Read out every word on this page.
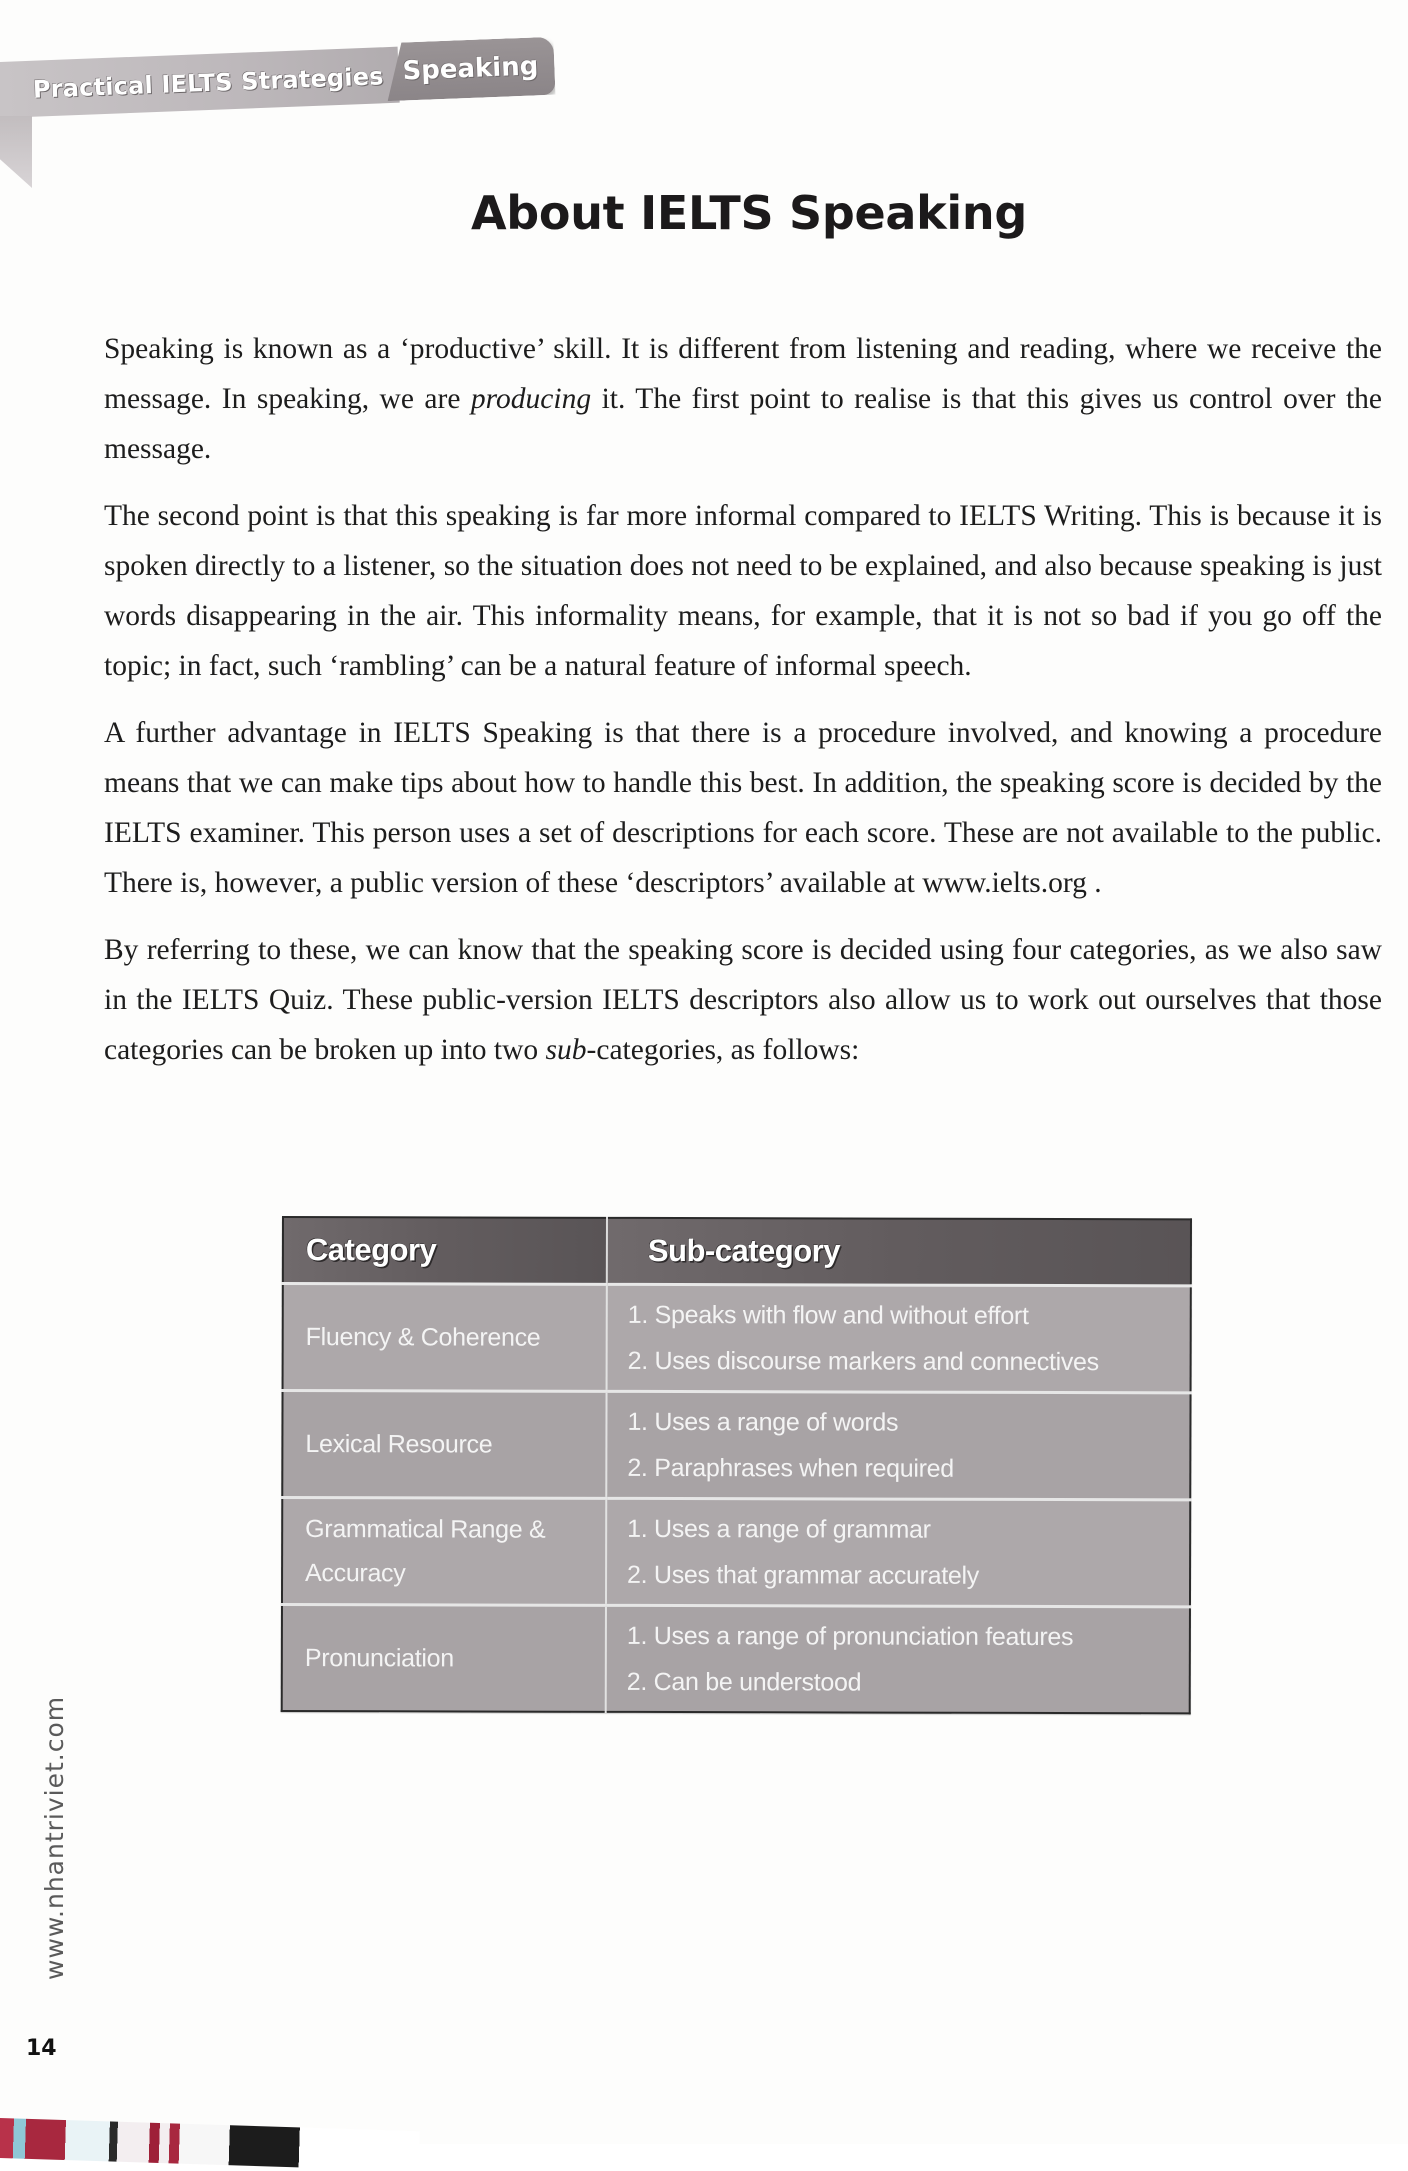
Practical IELTS Strategies Speaking
About IELTS Speaking

Speaking is known as a ‘productive’ skill. It is different from listening and reading, where we receive the message. In speaking, we are producing it. The first point to realise is that this gives us control over the message.

The second point is that this speaking is far more informal compared to IELTS Writing. This is because it is spoken directly to a listener, so the situation does not need to be explained, and also because speaking is just words disappearing in the air. This informality means, for example, that it is not so bad if you go off the topic; in fact, such ‘rambling’ can be a natural feature of informal speech.

A further advantage in IELTS Speaking is that there is a procedure involved, and knowing a procedure means that we can make tips about how to handle this best. In addition, the speaking score is decided by the IELTS examiner. This person uses a set of descriptions for each score. These are not available to the public. There is, however, a public version of these ‘descriptors’ available at www.ielts.org .

By referring to these, we can know that the speaking score is decided using four categories, as we also saw in the IELTS Quiz. These public-version IELTS descriptors also allow us to work out ourselves that those categories can be broken up into two sub-categories, as follows:

Category	Sub-category
Fluency & Coherence	1. Speaks with flow and without effort
2. Uses discourse markers and connectives

Lexical Resource	1. Uses a range of words
2. Paraphrases when required

Grammatical Range & Accuracy	1. Uses a range of grammar
2. Uses that grammar accurately

Pronunciation	1. Uses a range of pronunciation features
2. Can be understood
www.nhantriviet.com
14
